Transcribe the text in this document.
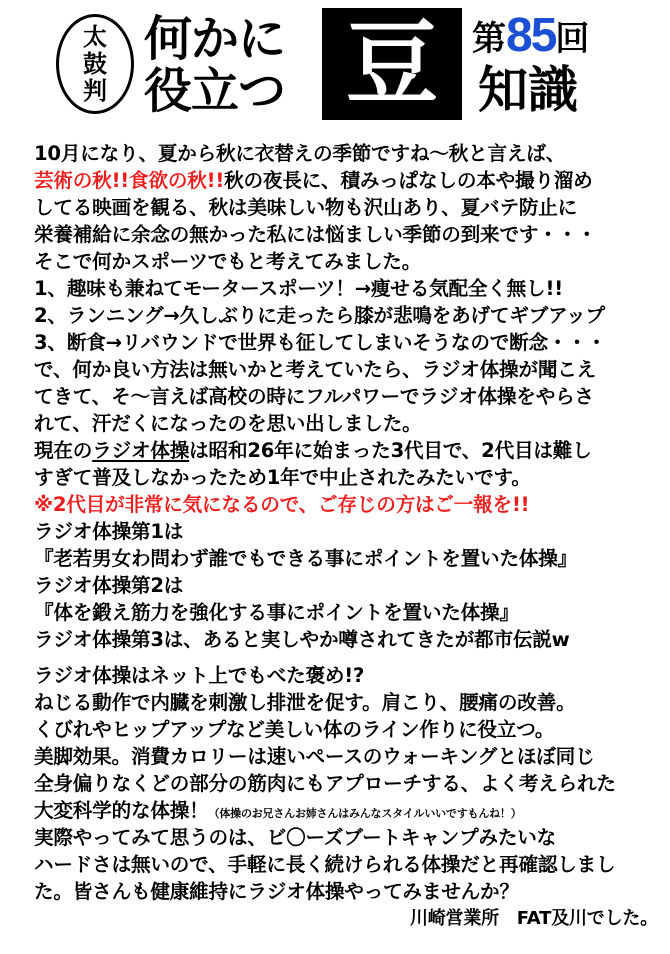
太
鼓
判
何かに
役立つ 豆 第85回
知識
10月になり、夏から秋に衣替えの季節ですね～秋と言えば、
芸術の秋!!食欲の秋!!秋の夜長に、積みっぱなしの本や撮り溜め
してる映画を観る、秋は美味しい物も沢山あり、夏バテ防止に
栄養補給に余念の無かった私には悩ましい季節の到来です・・・
そこで何かスポーツでもと考えてみました。
1、趣味も兼ねてモータースポーツ！→痩せる気配全く無し!!
2、ランニング→久しぶりに走ったら膝が悲鳴をあげてギブアップ
3、断食→リバウンドで世界も征してしまいそうなので断念・・・
で、何か良い方法は無いかと考えていたら、ラジオ体操が聞こえ
てきて、そ～言えば高校の時にフルパワーでラジオ体操をやらさ
れて、汗だくになったのを思い出しました。
現在のラジオ体操は昭和26年に始まった3代目で、2代目は難し
すぎて普及しなかったため1年で中止されたみたいです。
※2代目が非常に気になるので、ご存じの方はご一報を!!
ラジオ体操第1は
『老若男女わ問わず誰でもできる事にポイントを置いた体操』
ラジオ体操第2は
『体を鍛え筋力を強化する事にポイントを置いた体操』
ラジオ体操第3は、あると実しやか噂されてきたが都市伝説w
ラジオ体操はネット上でもべた褒め!?
ねじる動作で内臓を刺激し排泄を促す。肩こり、腰痛の改善。
くびれやヒップアップなど美しい体のライン作りに役立つ。
美脚効果。消費カロリーは速いペースのウォーキングとほぼ同じ
全身偏りなくどの部分の筋肉にもアプローチする、よく考えられた
大変科学的な体操！（体操のお兄さんお姉さんはみんなスタイルいいですもんね！）
実際やってみて思うのは、ビ〇ーズブートキャンプみたいな
ハードさは無いので、手軽に長く続けられる体操だと再確認しまし
た。皆さんも健康維持にラジオ体操やってみませんか？
川崎営業所　FAT及川でした。
